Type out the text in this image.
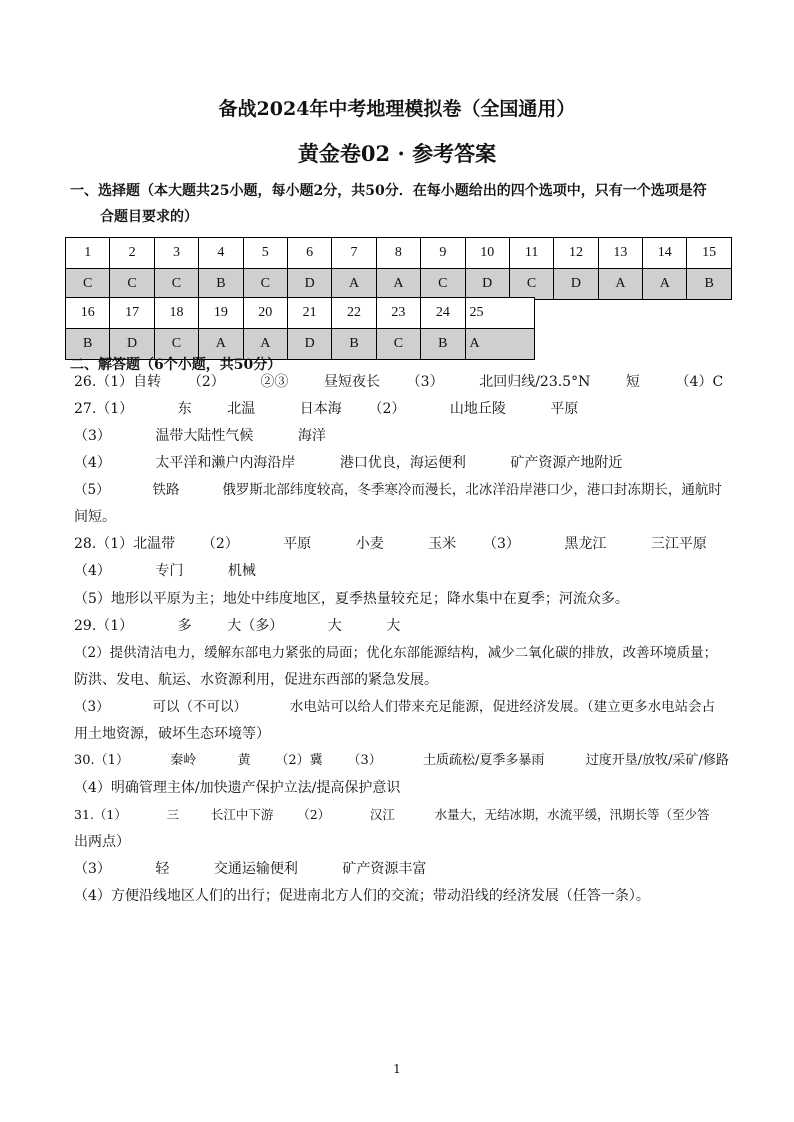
备战2024年中考地理模拟卷（全国通用）
黄金卷02 · 参考答案
一、选择题（本大题共25小题，每小题2分，共50分．在每小题给出的四个选项中，只有一个选项是符
合题目要求的）
1	2	3	4	5	6	7	8	9	10	11	12	13	14	15
C	C	C	B	C	D	A	A	C	D	C	D	A	A	B
16	17	18	19	20	21	22	23	24	25
B	D	C	A	A	D	B	C	B	A
二、解答题（6个小题，共50分）
26.（1）自转      （2）        ②③        昼短夜长      （3）        北回归线/23.5°N        短        （4）C
27.（1）          东        北温          日本海      （2）          山地丘陵          平原
（3）          温带大陆性气候          海洋
（4）          太平洋和濑户内海沿岸          港口优良，海运便利          矿产资源产地附近
（5）          铁路          俄罗斯北部纬度较高，冬季寒冷而漫长，北冰洋沿岸港口少，港口封冻期长，通航时
间短。
28.（1）北温带      （2）          平原          小麦          玉米      （3）          黑龙江          三江平原
（4）          专门          机械
（5）地形以平原为主；地处中纬度地区，夏季热量较充足；降水集中在夏季；河流众多。
29.（1）          多        大（多）          大          大
（2）提供清洁电力，缓解东部电力紧张的局面；优化东部能源结构，减少二氧化碳的排放，改善环境质量；
防洪、发电、航运、水资源利用，促进东西部的紧急发展。
（3）          可以（不可以）          水电站可以给人们带来充足能源，促进经济发展。（建立更多水电站会占
用土地资源，破坏生态环境等）
30.（1）          秦岭          黄      （2）冀      （3）          土质疏松/夏季多暴雨          过度开垦/放牧/采矿/修路
（4）明确管理主体/加快遗产保护立法/提高保护意识
31.（1）          三        长江中下游      （2）          汉江          水量大，无结冰期，水流平缓，汛期长等（至少答
出两点）
（3）          轻          交通运输便利          矿产资源丰富
（4）方便沿线地区人们的出行；促进南北方人们的交流；带动沿线的经济发展（任答一条）。
1
